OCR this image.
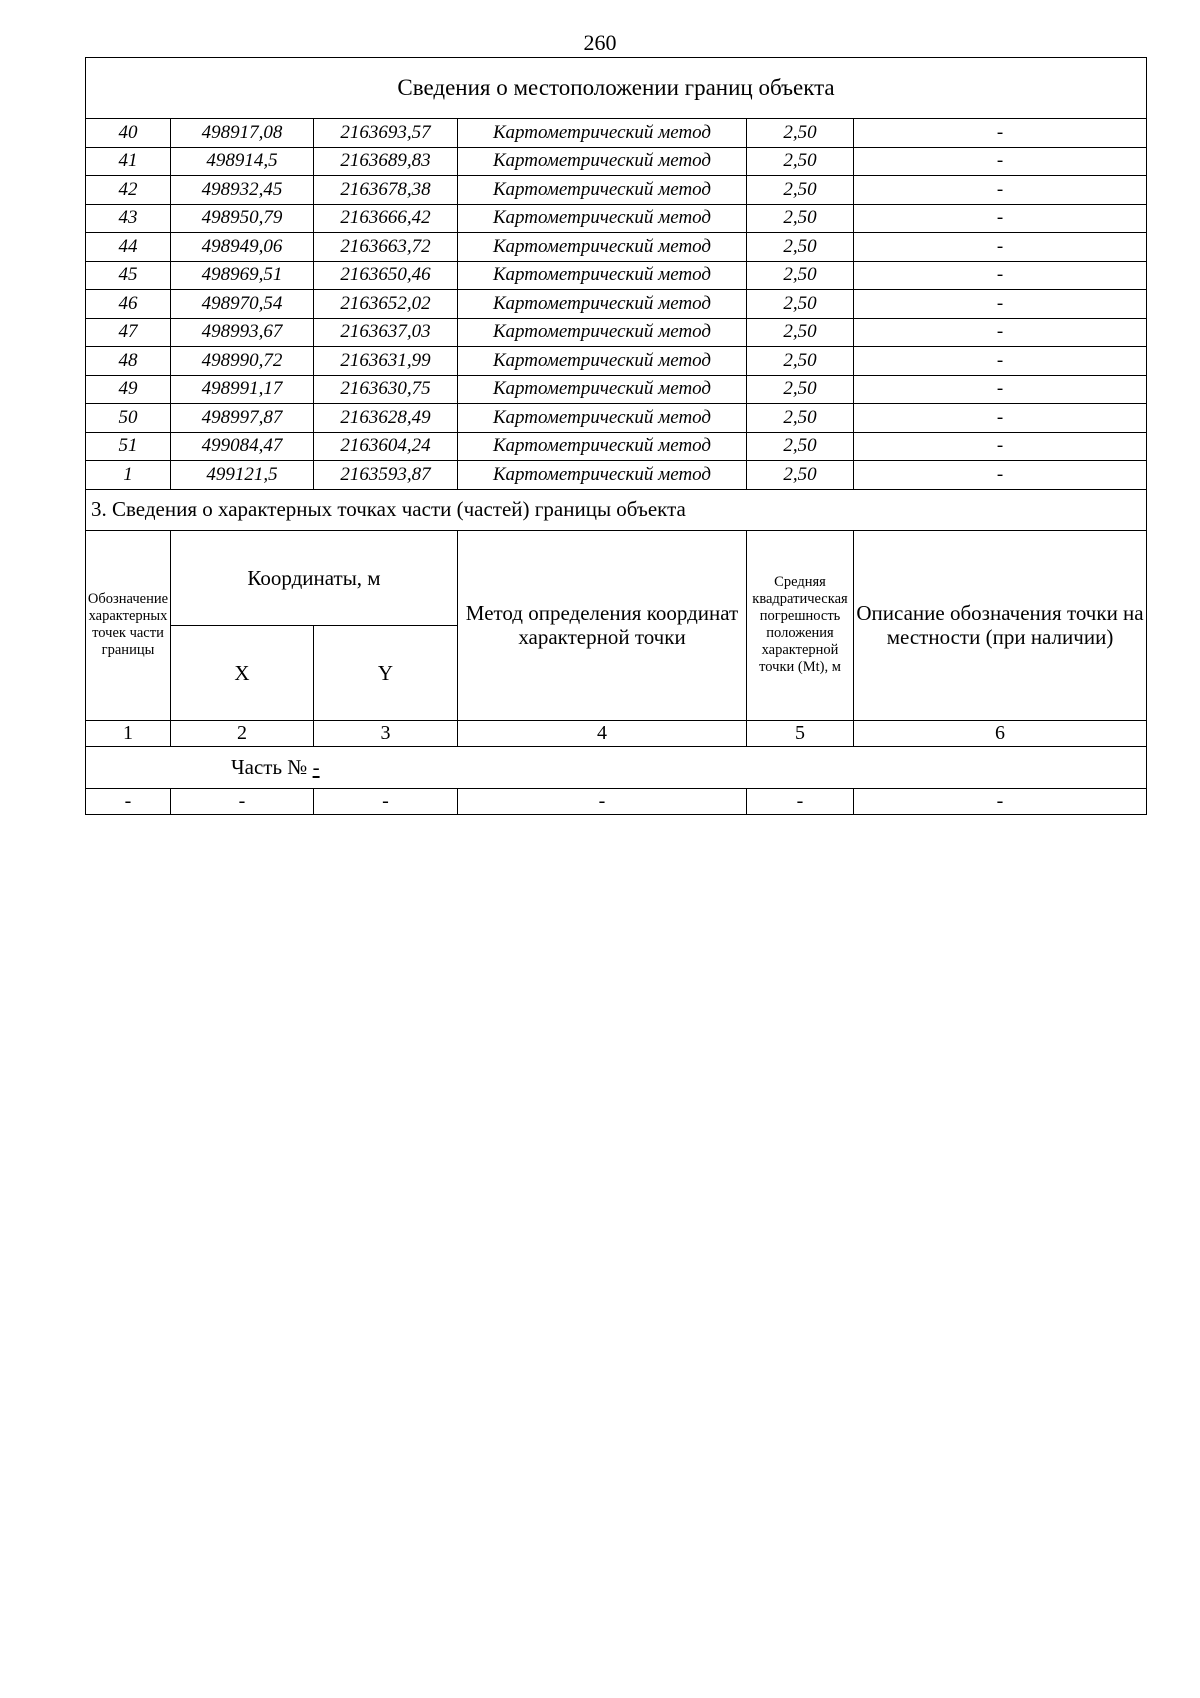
260
Сведения о местоположении границ объекта					
40	498917,08	2163693,57	Картометрический метод	2,50	-
41	498914,5	2163689,83	Картометрический метод	2,50	-
42	498932,45	2163678,38	Картометрический метод	2,50	-
43	498950,79	2163666,42	Картометрический метод	2,50	-
44	498949,06	2163663,72	Картометрический метод	2,50	-
45	498969,51	2163650,46	Картометрический метод	2,50	-
46	498970,54	2163652,02	Картометрический метод	2,50	-
47	498993,67	2163637,03	Картометрический метод	2,50	-
48	498990,72	2163631,99	Картометрический метод	2,50	-
49	498991,17	2163630,75	Картометрический метод	2,50	-
50	498997,87	2163628,49	Картометрический метод	2,50	-
51	499084,47	2163604,24	Картометрический метод	2,50	-
1	499121,5	2163593,87	Картометрический метод	2,50	-
3. Сведения о характерных точках части (частей) границы объекта					
Обозначение характерных точек части границы	Координаты, м		Метод определения координат характерной точки	Средняя квадратическая погрешность положения характерной точки (Mt), м	Описание обозначения точки на местности (при наличии)
	X	Y			
1	2	3	4	5	6
Часть № -					
-	-	-	-	-	-
